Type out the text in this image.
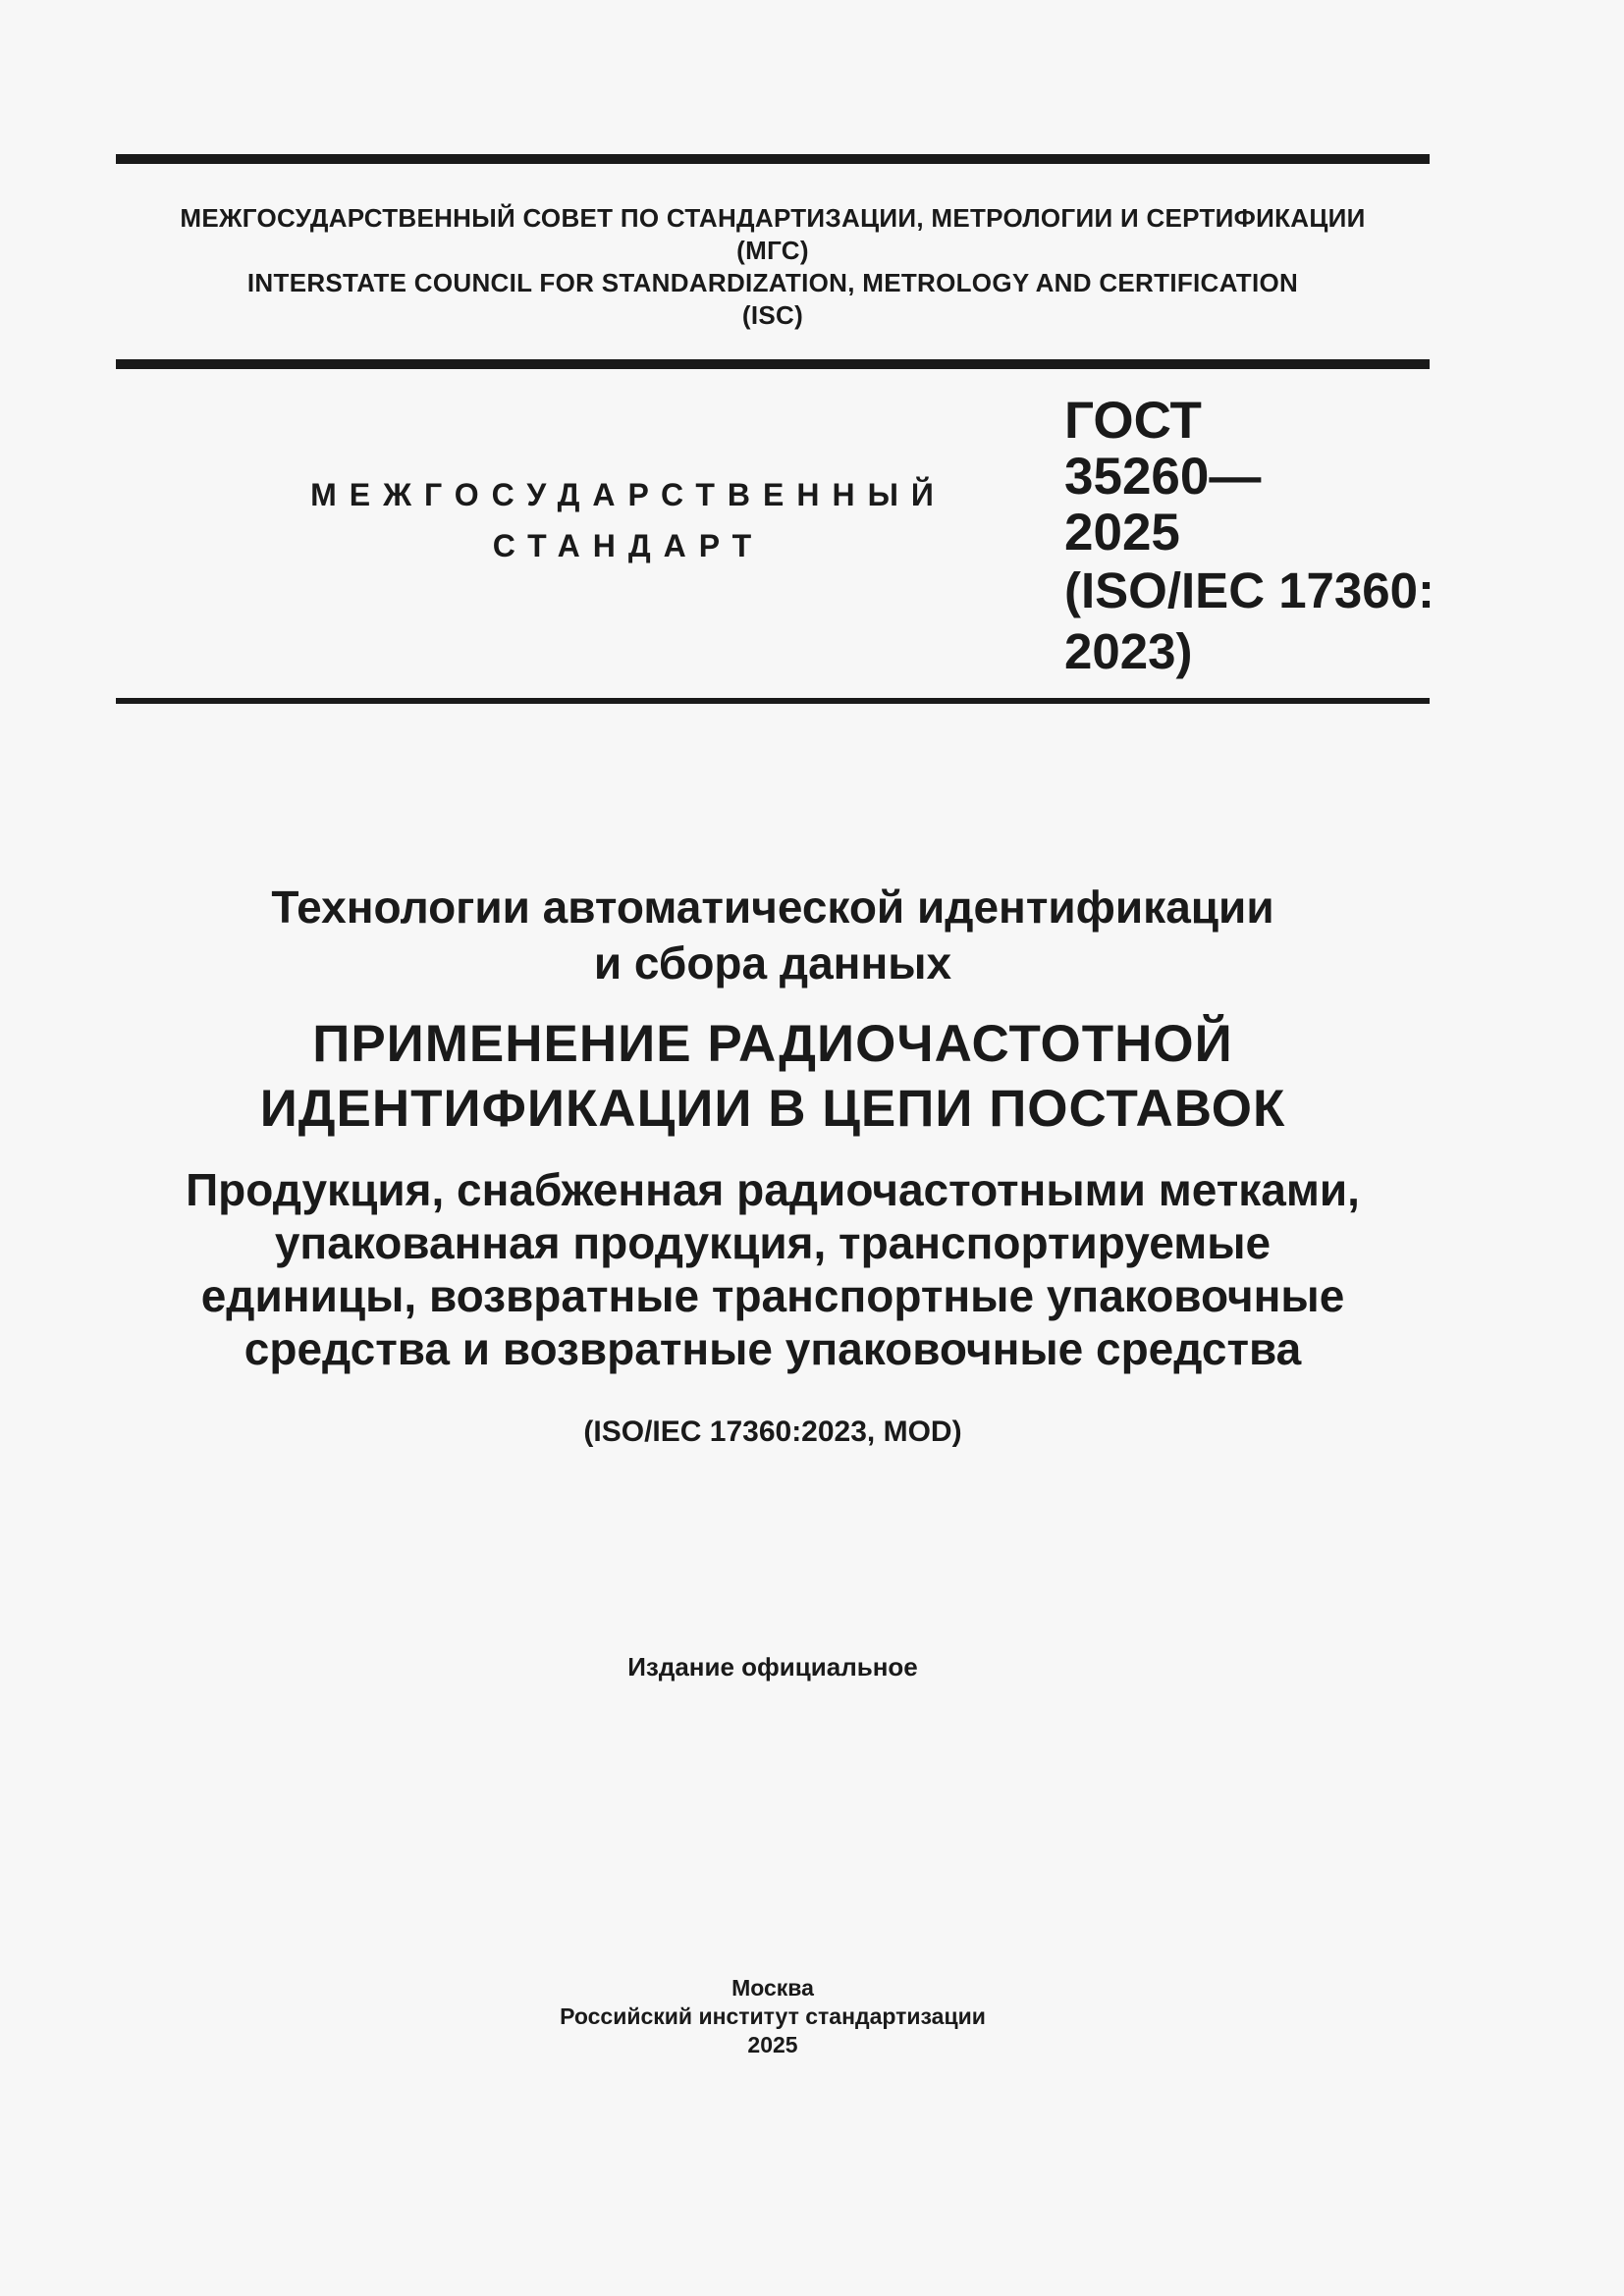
МЕЖГОСУДАРСТВЕННЫЙ СОВЕТ ПО СТАНДАРТИЗАЦИИ, МЕТРОЛОГИИ И СЕРТИФИКАЦИИ
(МГС)
INTERSTATE COUNCIL FOR STANDARDIZATION, METROLOGY AND CERTIFICATION
(ISC)
МЕЖГОСУДАРСТВЕННЫЙ
СТАНДАРТ
ГОСТ
35260—
2025
(ISO/IEC 17360:
2023)
Технологии автоматической идентификации
и сбора данных
ПРИМЕНЕНИЕ РАДИОЧАСТОТНОЙ
ИДЕНТИФИКАЦИИ В ЦЕПИ ПОСТАВОК
Продукция, снабженная радиочастотными метками,
упакованная продукция, транспортируемые
единицы, возвратные транспортные упаковочные
средства и возвратные упаковочные средства
(ISO/IEC 17360:2023, MOD)
Издание официальное
Москва
Российский институт стандартизации
2025
